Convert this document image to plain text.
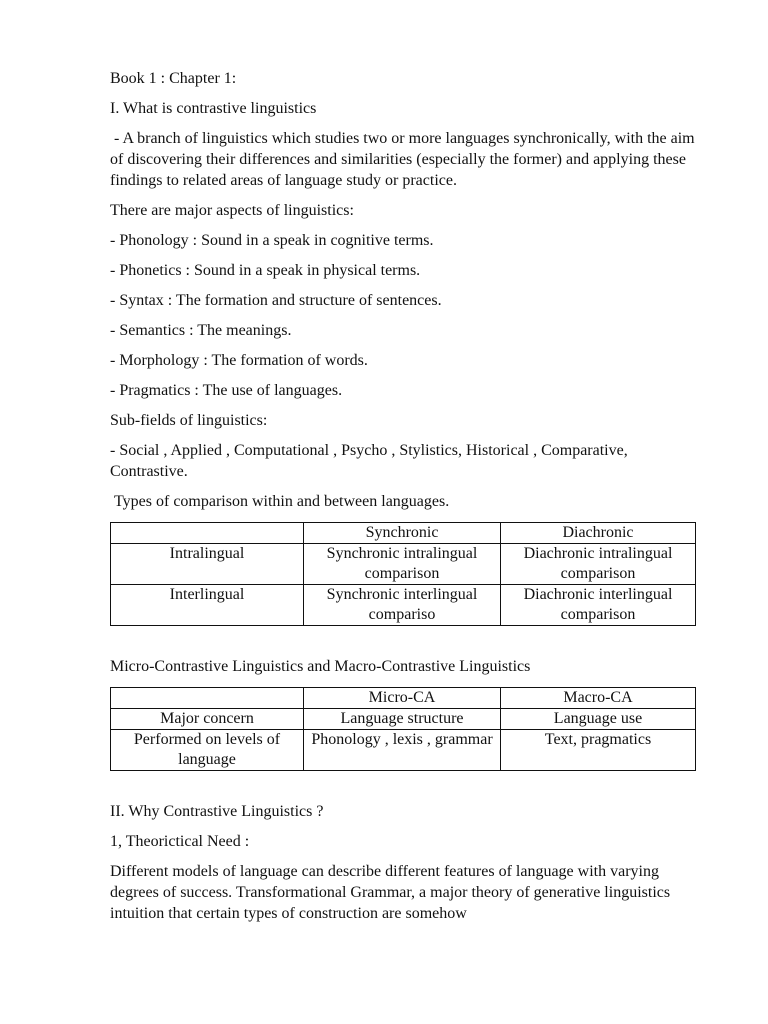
Book 1 : Chapter 1:

I. What is contrastive linguistics

- A branch of linguistics which studies two or more languages synchronically, with the aim of discovering their differences and similarities (especially the former) and applying these findings to related areas of language study or practice.

There are major aspects of linguistics:

- Phonology : Sound in a speak in cognitive terms.

- Phonetics : Sound in a speak in physical terms.

- Syntax : The formation and structure of sentences.

- Semantics : The meanings.

- Morphology : The formation of words.

- Pragmatics : The use of languages.

Sub-fields of linguistics:

- Social , Applied , Computational , Psycho , Stylistics, Historical , Comparative, Contrastive.

Types of comparison within and between languages.

	Synchronic	Diachronic
Intralingual	Synchronic intralingual comparison	Diachronic intralingual comparison
Interlingual	Synchronic interlingual compariso	Diachronic interlingual comparison

Micro-Contrastive Linguistics and Macro-Contrastive Linguistics

	Micro-CA	Macro-CA
Major concern	Language structure	Language use
Performed on levels of language	Phonology , lexis , grammar	Text, pragmatics

II. Why Contrastive Linguistics ?

1, Theorictical Need :

Different models of language can describe different features of language with varying degrees of success. Transformational Grammar, a major theory of generative linguistics intuition that certain types of construction are somehow
